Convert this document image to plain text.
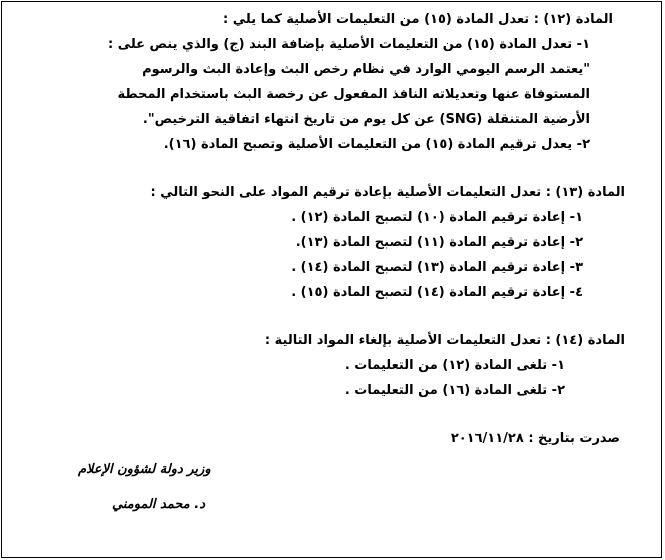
المادة (١٢) : تعدل المادة (١٥) من التعليمات الأصلية كما يلي :
١- تعدل المادة (١٥) من التعليمات الأصلية بإضافة البند (ج) والذي ينص على :
"يعتمد الرسم اليومي الوارد في نظام رخص البث وإعادة البث والرسوم
المستوفاة عنها وتعديلاته النافذ المفعول عن رخصة البث باستخدام المحطة
الأرضية المتنقلة (SNG) عن كل يوم من تاريخ انتهاء اتفاقية الترخيص".
٢- يعدل ترقيم المادة (١٥) من التعليمات الأصلية وتصبح المادة (١٦).
المادة (١٣) : تعدل التعليمات الأصلية بإعادة ترقيم المواد على النحو التالي :
١- إعادة ترقيم المادة (١٠) لتصبح المادة (١٢) .
٢- إعادة ترقيم المادة (١١) لتصبح المادة (١٣).
٣- إعادة ترقيم المادة (١٣) لتصبح المادة (١٤) .
٤- إعادة ترقيم المادة (١٤) لتصبح المادة (١٥) .
المادة (١٤) : تعدل التعليمات الأصلية بإلغاء المواد التالية :
١- تلغى المادة (١٢) من التعليمات .
٢- تلغى المادة (١٦) من التعليمات .
صدرت بتاريخ : ٢٠١٦/١١/٢٨
وزير دولة لشؤون الإعلام
د. محمد المومني
